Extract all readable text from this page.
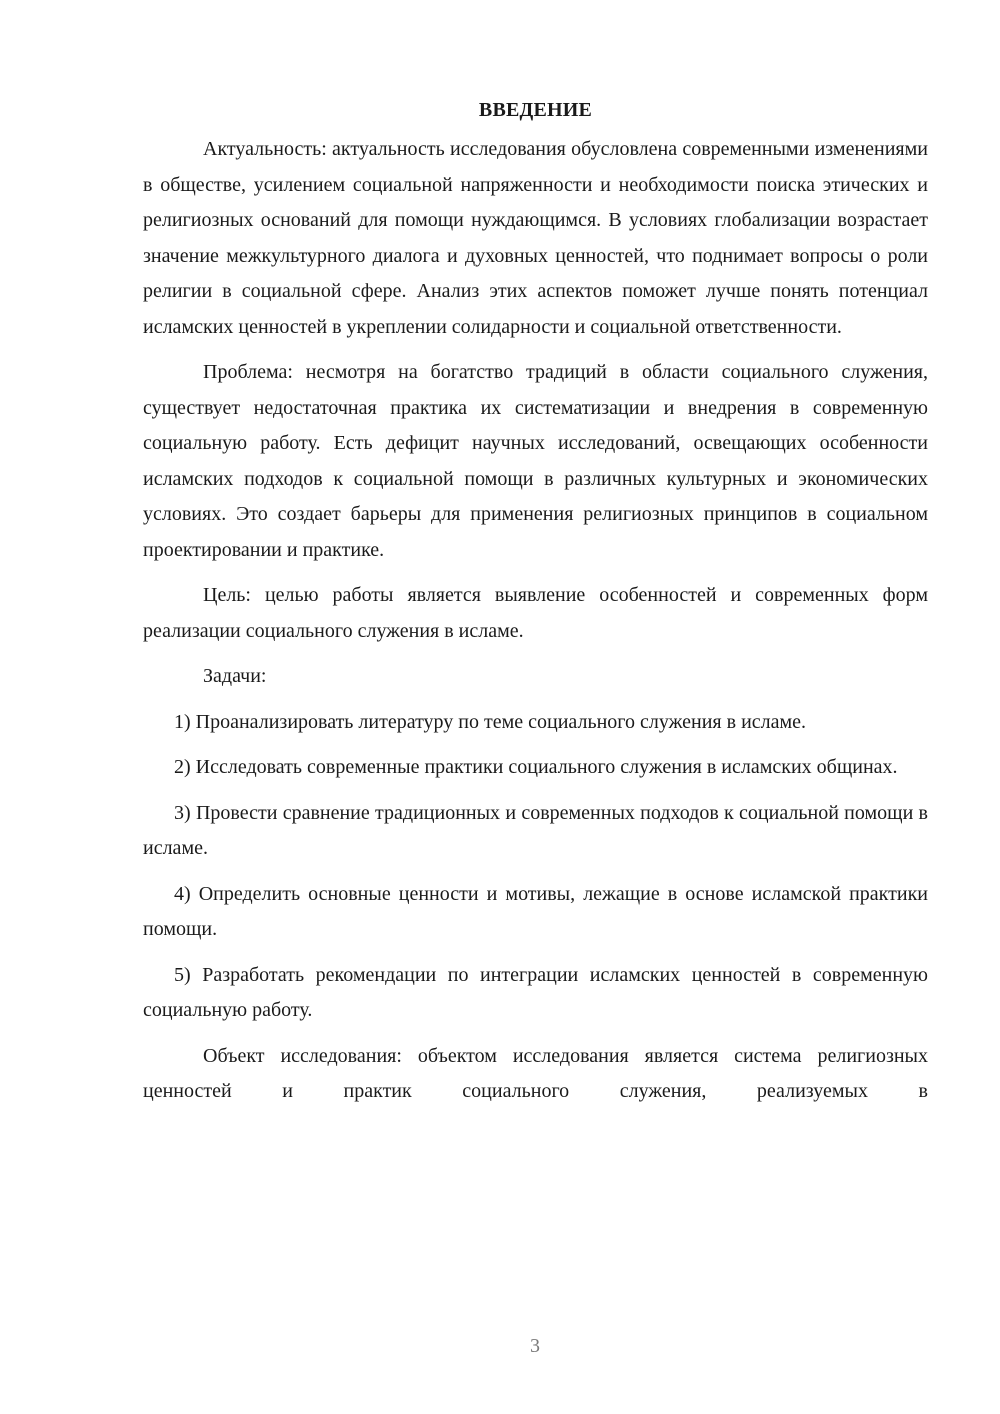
ВВЕДЕНИЕ

Актуальность: актуальность исследования обусловлена современными изменениями в обществе, усилением социальной напряженности и необходимости поиска этических и религиозных оснований для помощи нуждающимся. В условиях глобализации возрастает значение межкультурного диалога и духовных ценностей, что поднимает вопросы о роли религии в социальной сфере. Анализ этих аспектов поможет лучше понять потенциал исламских ценностей в укреплении солидарности и социальной ответственности.

Проблема: несмотря на богатство традиций в области социального служения, существует недостаточная практика их систематизации и внедрения в современную социальную работу. Есть дефицит научных исследований, освещающих особенности исламских подходов к социальной помощи в различных культурных и экономических условиях. Это создает барьеры для применения религиозных принципов в социальном проектировании и практике.

Цель: целью работы является выявление особенностей и современных форм реализации социального служения в исламе.

Задачи:

1) Проанализировать литературу по теме социального служения в исламе.

2) Исследовать современные практики социального служения в исламских общинах.

3) Провести сравнение традиционных и современных подходов к социальной помощи в исламе.

4) Определить основные ценности и мотивы, лежащие в основе исламской практики помощи.

5) Разработать рекомендации по интеграции исламских ценностей в современную социальную работу.

Объект исследования: объектом исследования является система религиозных ценностей и практик социального служения, реализуемых в

3
